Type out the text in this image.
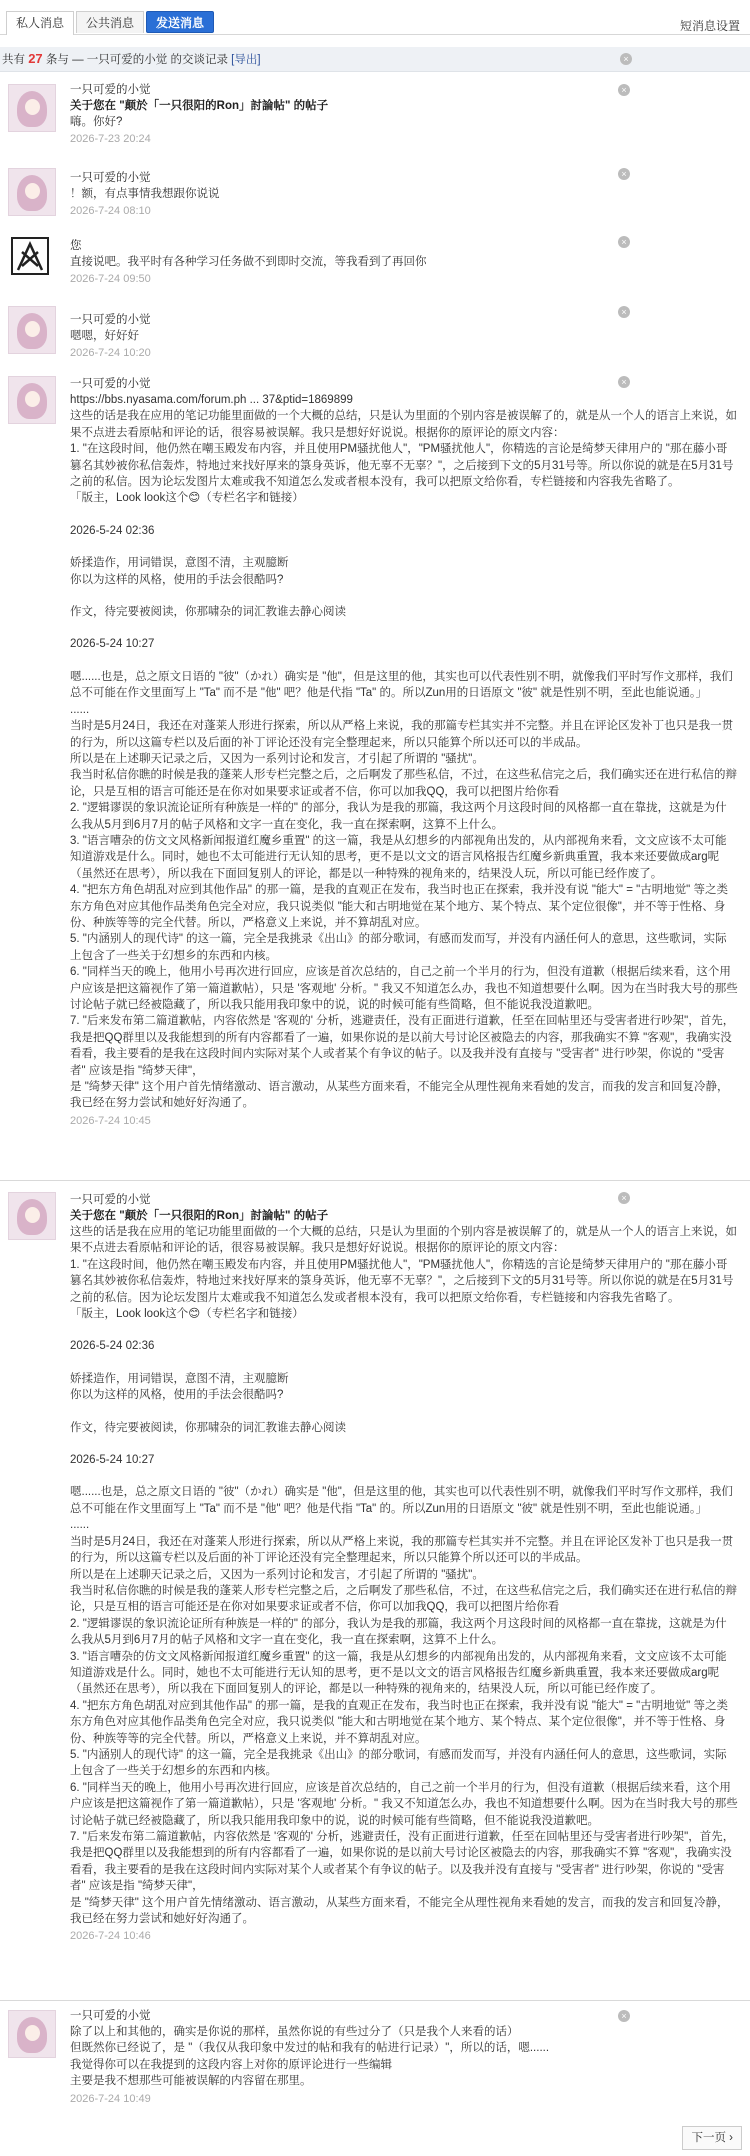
私人消息	公共消息	发送消息	短消息设置
共有 27 条与 — 一只可爱的小觉 的交谈记录 [导出]	×
一只可爱的小觉
关于您在 "颠於「一只很阳的Ron」討論帖" 的帖子

嗨。你好?

2026-7-23 20:24
×
一只可爱的小觉

！额，有点事情我想跟你说说

2026-7-24 08:10
×
您

直接说吧。我平时有各种学习任务做不到即时交流，等我看到了再回你

2026-7-24 09:50
×
一只可爱的小觉

嗯嗯，好好好

2026-7-24 10:20
×
一只可爱的小觉
https://bbs.nyasama.com/forum.ph ... 37&ptid=1869899

这些的话是我在应用的笔记功能里面做的一个大概的总结，只是认为里面的个别内容是被误解了的，就是从一个人的语言上来说，如果不点进去看原帖和评论的话，很容易被误解。我只是想好好说说。根据你的原评论的原文内容：

1. "在这段时间，他仍然在嘲玉殿发布内容，并且使用PM骚扰他人"，"PM骚扰他人"，你精选的言论是绮梦天律用户的 "那在藤小哥篡名其妙被你私信轰炸，特地过来找好厚来的箓身英诉，他无辜不无辜？"，之后接到下文的5月31号等。所以你说的就是在5月31号之前的私信。因为论坛发图片太难或我不知道怎么发或者根本没有，我可以把原文给你看，专栏链接和内容我先省略了。

「版主，Look look这个😊（专栏名字和链接）

2026-5-24 02:36

娇揉造作，用词错误，意图不清，主观臆断

你以为这样的风格，使用的手法会很酷吗?

作文，待完要被阅读，你那啸杂的词汇教谁去静心阅读

2026-5-24 10:27

嗯......也是，总之原文日语的 "彼"（かれ）确实是 "他"，但是这里的他，其实也可以代表性别不明，就像我们平时写作文那样，我们总不可能在作文里面写上 "Ta" 而不是 "他" 吧？他是代指 "Ta" 的。所以Zun用的日语原文 "彼" 就是性别不明，至此也能说通。」

......

当时是5月24日，我还在对蓬莱人形进行探索，所以从严格上来说，我的那篇专栏其实并不完整。并且在评论区发补丁也只是我一贯的行为，所以这篇专栏以及后面的补丁评论还没有完全整理起来，所以只能算个所以还可以的半成品。

所以是在上述聊天记录之后，又因为一系列讨论和发言，才引起了所谓的 "骚扰"。

我当时私信你瞧的时候是我的蓬莱人形专栏完整之后，之后啊发了那些私信，不过，在这些私信完之后，我们确实还在进行私信的辩论，只是互相的语言可能还是在你对如果要求证或者不信，你可以加我QQ，我可以把图片给你看

2. "逻辑谬误的象识流论证所有种族是一样的" 的部分，我认为是我的那篇，我这两个月这段时间的风格都一直在靠拢，这就是为什么我从5月到6月7月的帖子风格和文字一直在变化，我一直在探索啊，这算不上什么。

3. "语言嘈杂的仿文文风格新闻报道红魔乡重置" 的这一篇，我是从幻想乡的内部视角出发的，从内部视角来看，文文应该不太可能知道游戏是什么。同时，她也不太可能进行无认知的思考，更不是以文文的语言风格报告红魔乡新典重置，我本来还要做成arg呢（虽然还在思考），所以我在下面回复别人的评论，都是以一种特殊的视角来的，结果没人玩，所以可能已经作废了。

4. "把东方角色胡乱对应到其他作品" 的那一篇，是我的直观正在发布，我当时也正在探索，我并没有说 "能大" = "古明地觉" 等之类东方角色对应其他作品类角色完全对应，我只说类似 "能大和古明地觉在某个地方、某个特点、某个定位很像"，并不等于性格、身份、种族等等的完全代替。所以，严格意义上来说，并不算胡乱对应。

5. "内涵别人的现代诗" 的这一篇，完全是我挑录《出山》的部分歌词，有感而发而写，并没有内涵任何人的意思，这些歌词，实际上包含了一些关于幻想乡的东西和内核。

6. "同样当天的晚上，他用小号再次进行回应，应该是首次总结的，自己之前一个半月的行为，但没有道歉（根据后续来看，这个用户应该是把这篇视作了第一篇道歉帖），只是 '客观地' 分析。" 我又不知道怎么办，我也不知道想要什么啊。因为在当时我大号的那些讨论帖子就已经被隐藏了，所以我只能用我印象中的说，说的时候可能有些简略，但不能说我没道歉吧。

7. "后来发布第二篇道歉帖，内容依然是 '客观的' 分析，逃避责任，没有正面进行道歉，任至在回帖里还与受害者进行吵架"，首先，我是把QQ群里以及我能想到的所有内容都看了一遍，如果你说的是以前大号讨论区被隐去的内容，那我确实不算 "客观"，我确实没看看，我主要看的是我在这段时间内实际对某个人或者某个有争议的帖子。以及我并没有直接与 "受害者" 进行吵架，你说的 "受害者" 应该是指 "绮梦天律"，

是 "绮梦天律" 这个用户首先情绪激动、语言激动，从某些方面来看，不能完全从理性视角来看她的发言，而我的发言和回复冷静，我已经在努力尝试和她好好沟通了。

2026-7-24 10:45
×
一只可爱的小觉
关于您在 "颠於「一只很阳的Ron」討論帖" 的帖子

这些的话是我在应用的笔记功能里面做的一个大概的总结，只是认为里面的个别内容是被误解了的，就是从一个人的语言上来说，如果不点进去看原帖和评论的话，很容易被误解。我只是想好好说说。根据你的原评论的原文内容：

1. "在这段时间，他仍然在嘲玉殿发布内容，并且使用PM骚扰他人"，"PM骚扰他人"，你精选的言论是绮梦天律用户的 "那在藤小哥篡名其妙被你私信轰炸，特地过来找好厚来的箓身英诉，他无辜不无辜？"，之后接到下文的5月31号等。所以你说的就是在5月31号之前的私信。因为论坛发图片太难或我不知道怎么发或者根本没有，我可以把原文给你看，专栏链接和内容我先省略了。

「版主，Look look这个😊（专栏名字和链接）

2026-5-24 02:36

娇揉造作，用词错误，意图不清，主观臆断

你以为这样的风格，使用的手法会很酷吗?

作文，待完要被阅读，你那啸杂的词汇教谁去静心阅读

2026-5-24 10:27

嗯......也是，总之原文日语的 "彼"（かれ）确实是 "他"，但是这里的他，其实也可以代表性别不明，就像我们平时写作文那样，我们总不可能在作文里面写上 "Ta" 而不是 "他" 吧？他是代指 "Ta" 的。所以Zun用的日语原文 "彼" 就是性别不明，至此也能说通。」

......

当时是5月24日，我还在对蓬莱人形进行探索，所以从严格上来说，我的那篇专栏其实并不完整。并且在评论区发补丁也只是我一贯的行为，所以这篇专栏以及后面的补丁评论还没有完全整理起来，所以只能算个所以还可以的半成品。

所以是在上述聊天记录之后，又因为一系列讨论和发言，才引起了所谓的 "骚扰"。

我当时私信你瞧的时候是我的蓬莱人形专栏完整之后，之后啊发了那些私信，不过，在这些私信完之后，我们确实还在进行私信的辩论，只是互相的语言可能还是在你对如果要求证或者不信，你可以加我QQ，我可以把图片给你看

2. "逻辑谬误的象识流论证所有种族是一样的" 的部分，我认为是我的那篇，我这两个月这段时间的风格都一直在靠拢，这就是为什么我从5月到6月7月的帖子风格和文字一直在变化，我一直在探索啊，这算不上什么。

3. "语言嘈杂的仿文文风格新闻报道红魔乡重置" 的这一篇，我是从幻想乡的内部视角出发的，从内部视角来看，文文应该不太可能知道游戏是什么。同时，她也不太可能进行无认知的思考，更不是以文文的语言风格报告红魔乡新典重置，我本来还要做成arg呢（虽然还在思考），所以我在下面回复别人的评论，都是以一种特殊的视角来的，结果没人玩，所以可能已经作废了。

4. "把东方角色胡乱对应到其他作品" 的那一篇，是我的直观正在发布，我当时也正在探索，我并没有说 "能大" = "古明地觉" 等之类东方角色对应其他作品类角色完全对应，我只说类似 "能大和古明地觉在某个地方、某个特点、某个定位很像"，并不等于性格、身份、种族等等的完全代替。所以，严格意义上来说，并不算胡乱对应。

5. "内涵别人的现代诗" 的这一篇，完全是我挑录《出山》的部分歌词，有感而发而写，并没有内涵任何人的意思，这些歌词，实际上包含了一些关于幻想乡的东西和内核。

6. "同样当天的晚上，他用小号再次进行回应，应该是首次总结的，自己之前一个半月的行为，但没有道歉（根据后续来看，这个用户应该是把这篇视作了第一篇道歉帖），只是 '客观地' 分析。" 我又不知道怎么办，我也不知道想要什么啊。因为在当时我大号的那些讨论帖子就已经被隐藏了，所以我只能用我印象中的说，说的时候可能有些简略，但不能说我没道歉吧。

7. "后来发布第二篇道歉帖，内容依然是 '客观的' 分析，逃避责任，没有正面进行道歉，任至在回帖里还与受害者进行吵架"，首先，我是把QQ群里以及我能想到的所有内容都看了一遍，如果你说的是以前大号讨论区被隐去的内容，那我确实不算 "客观"，我确实没看看，我主要看的是我在这段时间内实际对某个人或者某个有争议的帖子。以及我并没有直接与 "受害者" 进行吵架，你说的 "受害者" 应该是指 "绮梦天律"，

是 "绮梦天律" 这个用户首先情绪激动、语言激动，从某些方面来看，不能完全从理性视角来看她的发言，而我的发言和回复冷静，我已经在努力尝试和她好好沟通了。

2026-7-24 10:46
×
一只可爱的小觉

除了以上和其他的，确实是你说的那样，虽然你说的有些过分了（只是我个人来看的话）

但既然你已经说了，是 "（我仅从我印象中发过的帖和我有的帖进行记录）"，所以的话，嗯......

我觉得你可以在我提到的这段内容上对你的原评论进行一些编辑

主要是我不想那些可能被误解的内容留在那里。

2026-7-24 10:49
×
下一页 ›
